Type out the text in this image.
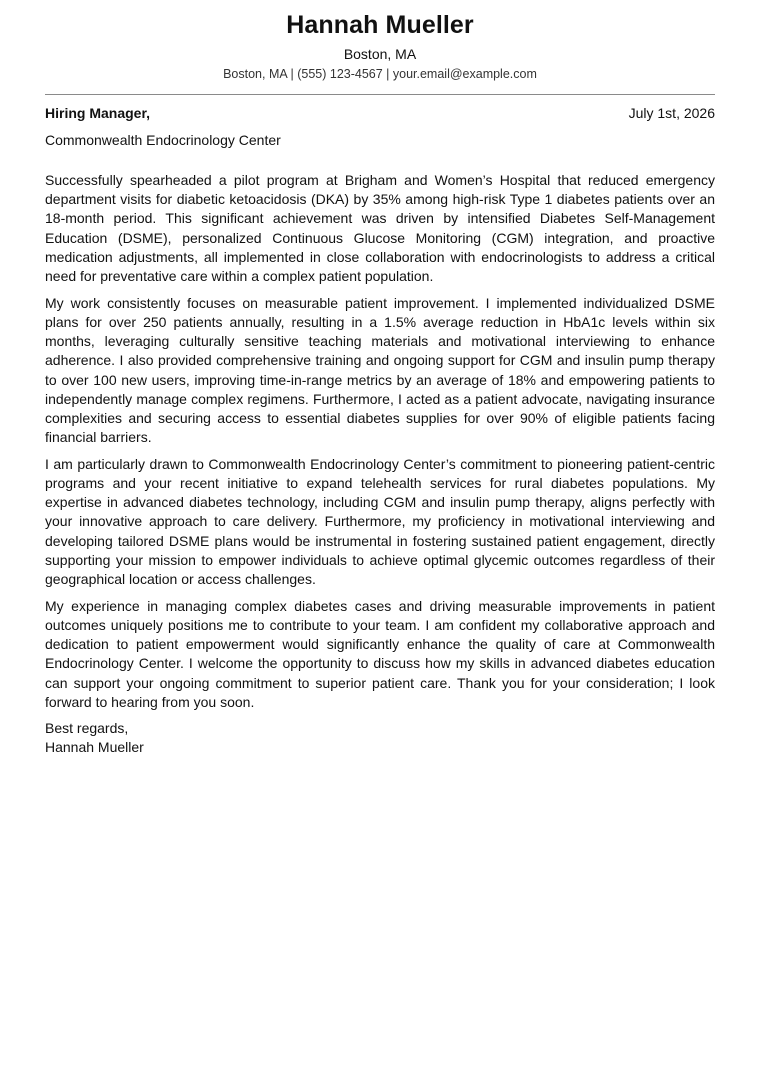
Hannah Mueller
Boston, MA
Boston, MA | (555) 123-4567 | your.email@example.com
Hiring Manager,	July 1st, 2026
Commonwealth Endocrinology Center

Successfully spearheaded a pilot program at Brigham and Women’s Hospital that reduced emergency department visits for diabetic ketoacidosis (DKA) by 35% among high-risk Type 1 diabetes patients over an 18-month period. This significant achievement was driven by intensified Diabetes Self-Management Education (DSME), personalized Continuous Glucose Monitoring (CGM) integration, and proactive medication adjustments, all implemented in close collaboration with endocrinologists to address a critical need for preventative care within a complex patient population.

My work consistently focuses on measurable patient improvement. I implemented individualized DSME plans for over 250 patients annually, resulting in a 1.5% average reduction in HbA1c levels within six months, leveraging culturally sensitive teaching materials and motivational interviewing to enhance adherence. I also provided comprehensive training and ongoing support for CGM and insulin pump therapy to over 100 new users, improving time-in-range metrics by an average of 18% and empowering patients to independently manage complex regimens. Furthermore, I acted as a patient advocate, navigating insurance complexities and securing access to essential diabetes supplies for over 90% of eligible patients facing financial barriers.

I am particularly drawn to Commonwealth Endocrinology Center’s commitment to pioneering patient-centric programs and your recent initiative to expand telehealth services for rural diabetes populations. My expertise in advanced diabetes technology, including CGM and insulin pump therapy, aligns perfectly with your innovative approach to care delivery. Furthermore, my proficiency in motivational interviewing and developing tailored DSME plans would be instrumental in fostering sustained patient engagement, directly supporting your mission to empower individuals to achieve optimal glycemic outcomes regardless of their geographical location or access challenges.

My experience in managing complex diabetes cases and driving measurable improvements in patient outcomes uniquely positions me to contribute to your team. I am confident my collaborative approach and dedication to patient empowerment would significantly enhance the quality of care at Commonwealth Endocrinology Center. I welcome the opportunity to discuss how my skills in advanced diabetes education can support your ongoing commitment to superior patient care. Thank you for your consideration; I look forward to hearing from you soon.

Best regards,
Hannah Mueller
